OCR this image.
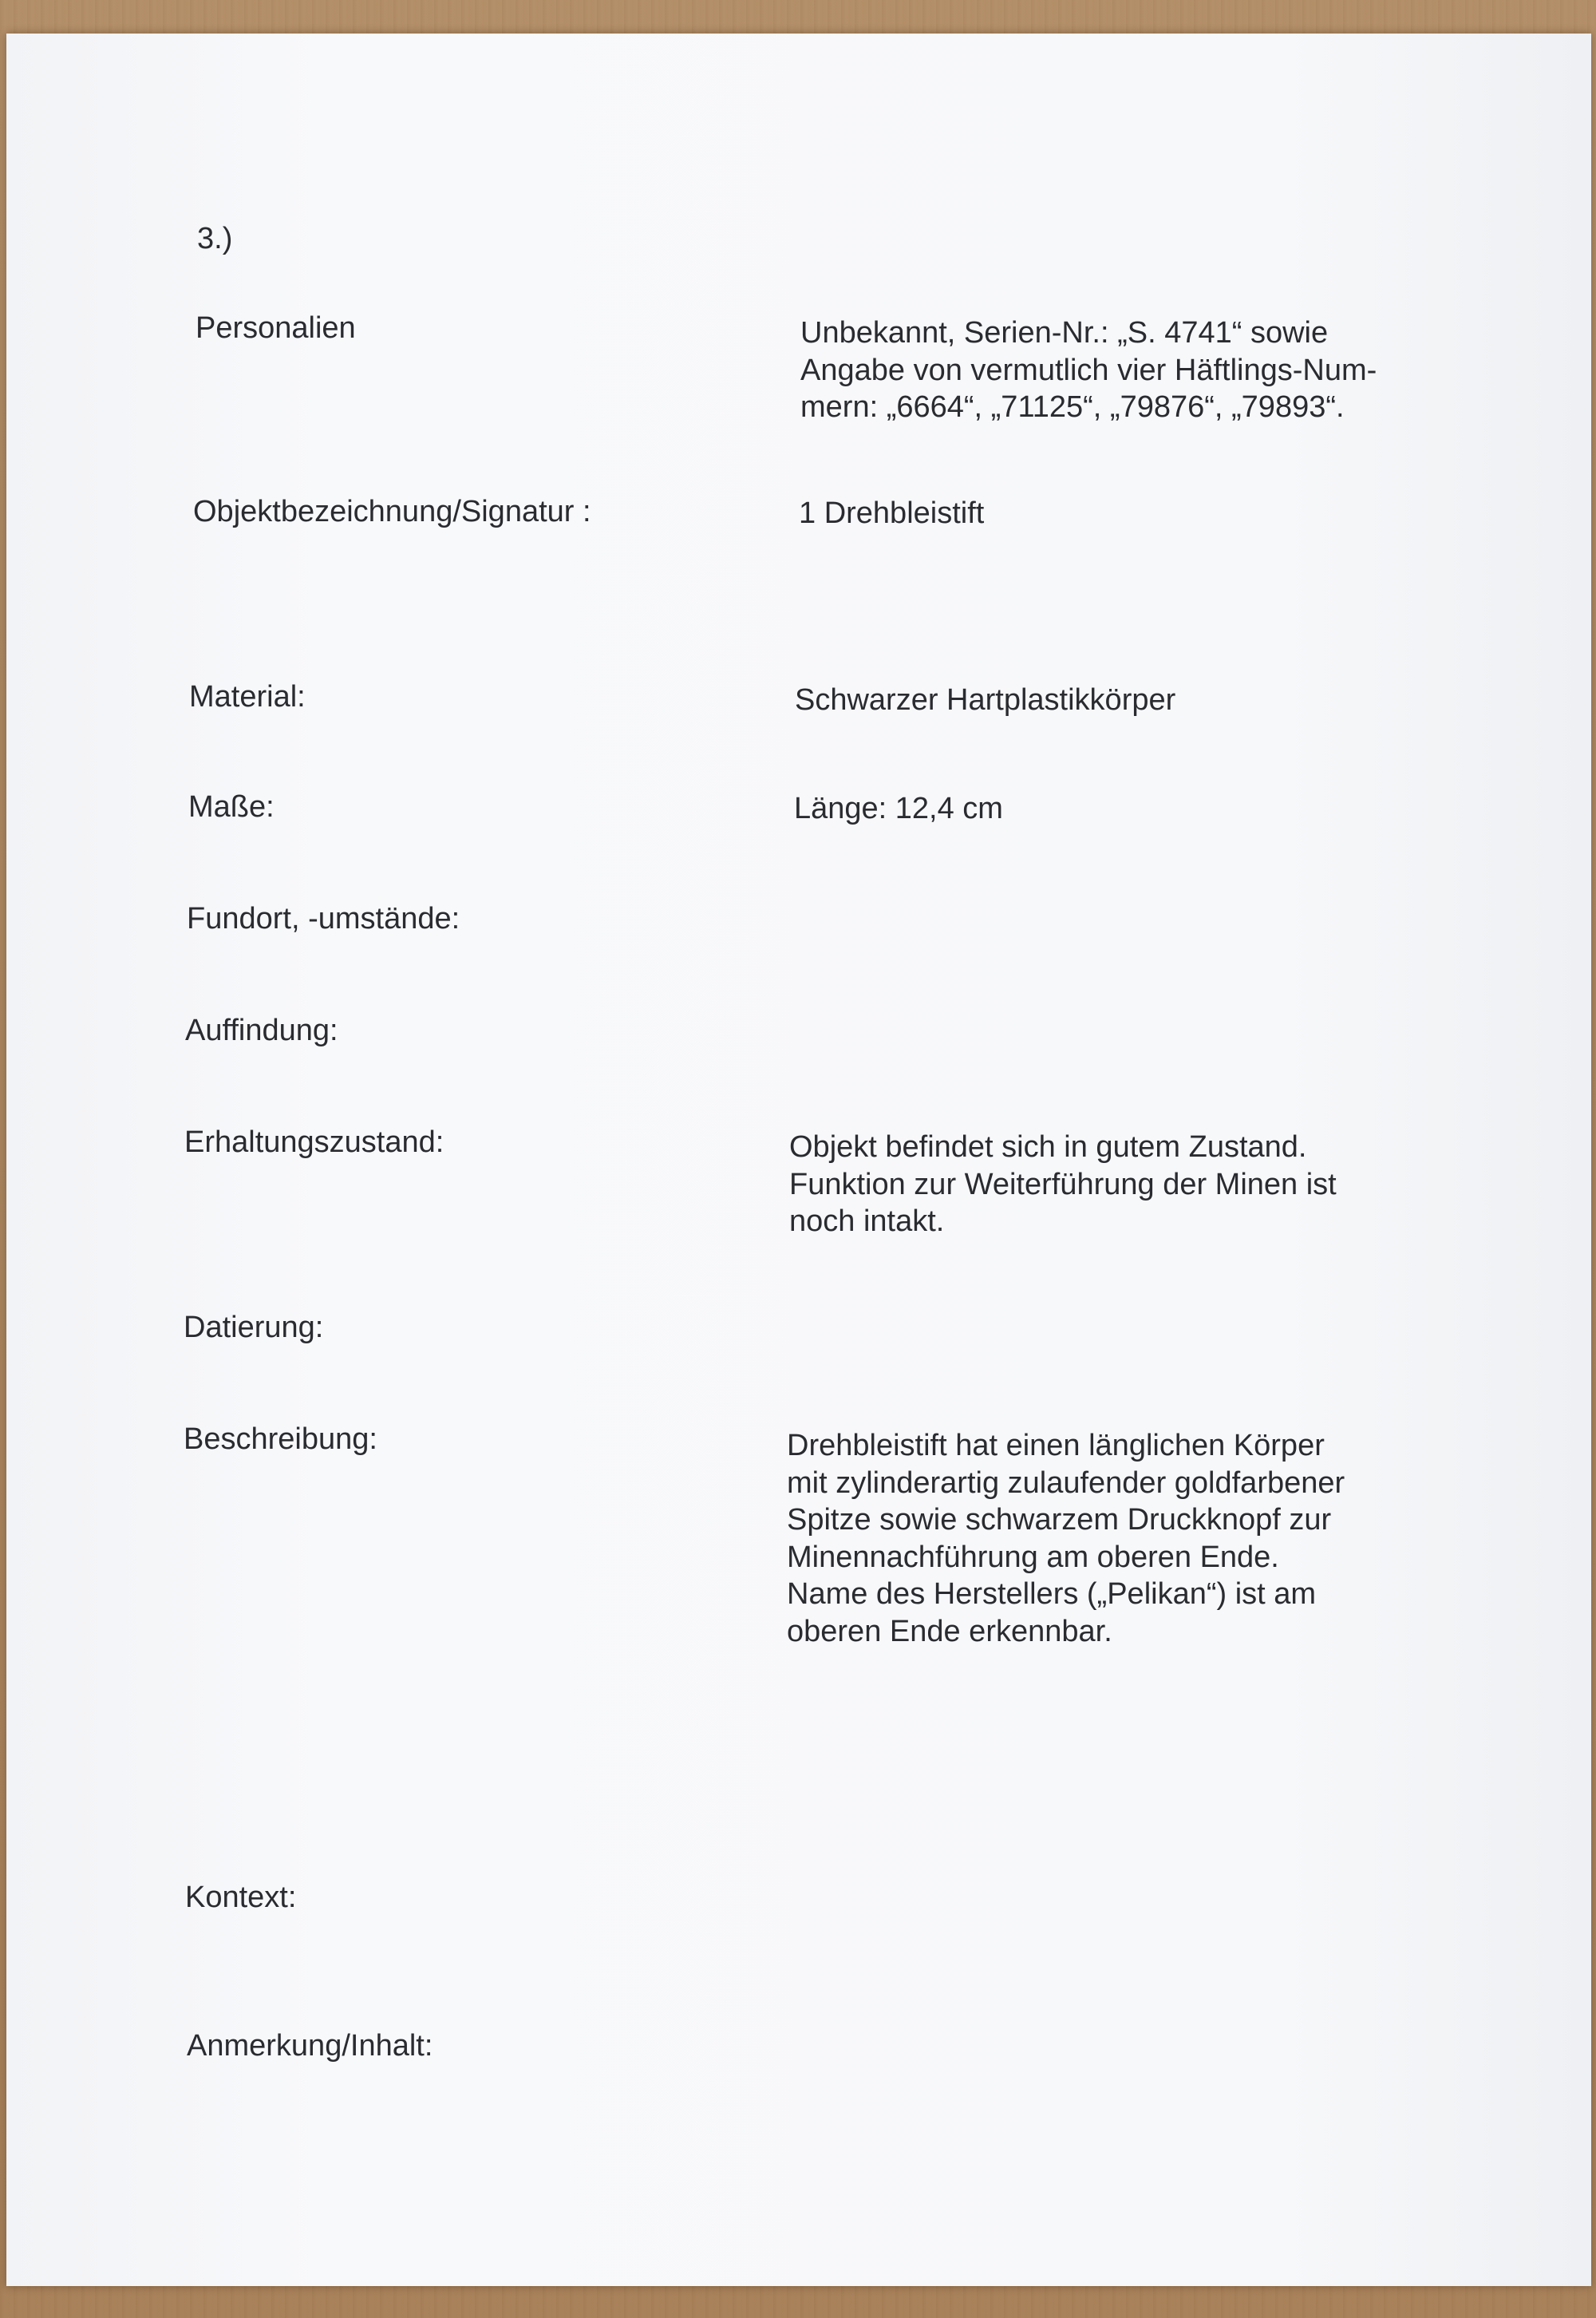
3.)

Personalien	Unbekannt, Serien-Nr.: „S. 4741“ sowie
Angabe von vermutlich vier Häftlings-Num-
mern: „6664“, „71125“, „79876“, „79893“.

Objektbezeichnung/Signatur :	1 Drehbleistift

Material:	Schwarzer Hartplastikkörper

Maße:	Länge: 12,4 cm

Fundort, -umstände:

Auffindung:

Erhaltungszustand:	Objekt befindet sich in gutem Zustand.
Funktion zur Weiterführung der Minen ist
noch intakt.

Datierung:

Beschreibung:	Drehbleistift hat einen länglichen Körper
mit zylinderartig zulaufender goldfarbener
Spitze sowie schwarzem Druckknopf zur
Minennachführung am oberen Ende.
Name des Herstellers („Pelikan“) ist am
oberen Ende erkennbar.

Kontext:

Anmerkung/Inhalt:
